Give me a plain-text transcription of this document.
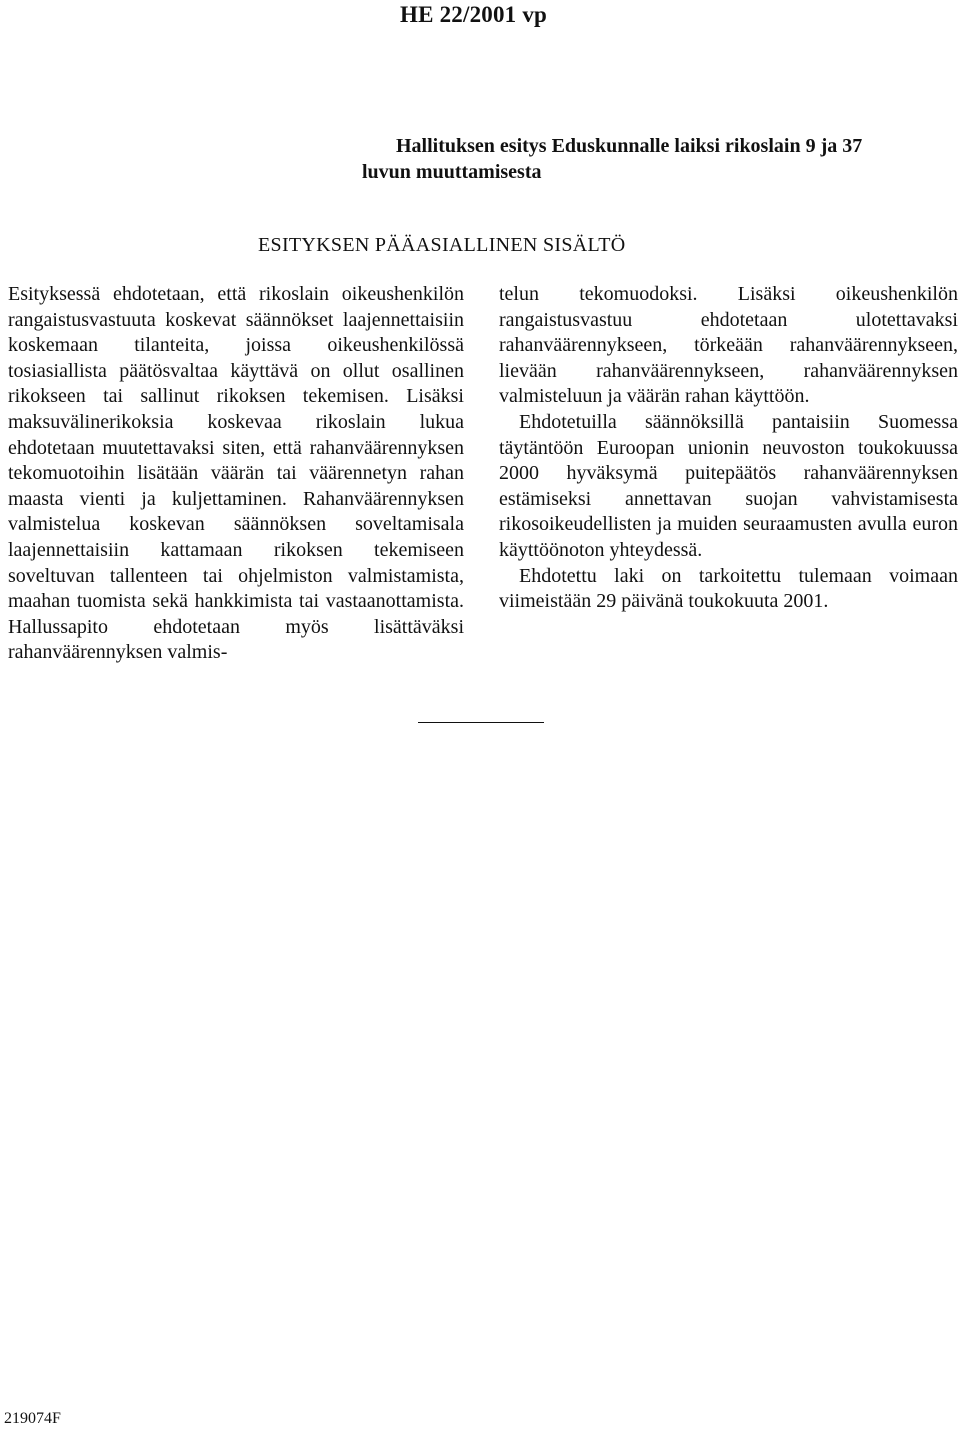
HE 22/2001 vp
Hallituksen esitys Eduskunnalle laiksi rikoslain 9 ja 37
luvun muuttamisesta
ESITYKSEN PÄÄASIALLINEN SISÄLTÖ

Esityksessä ehdotetaan, että rikoslain oikeushenkilön rangaistusvastuuta koskevat säännökset laajennettaisiin koskemaan tilanteita, joissa oikeushenkilössä tosiasiallista päätösvaltaa käyttävä on ollut osallinen rikokseen tai sallinut rikoksen tekemisen. Lisäksi maksuvälinerikoksia koskevaa rikoslain lukua ehdotetaan muutettavaksi siten, että rahanväärennyksen tekomuotoihin lisätään väärän tai väärennetyn rahan maasta vienti ja kuljettaminen. Rahanväärennyksen valmistelua koskevan säännöksen soveltamisala laajennettaisiin kattamaan rikoksen tekemiseen soveltuvan tallenteen tai ohjelmiston valmistamista, maahan tuomista sekä hankkimista tai vastaanottamista. Hallussapito ehdotetaan myös lisättäväksi rahanväärennyksen valmis-

telun tekomuodoksi. Lisäksi oikeushenkilön rangaistusvastuu ehdotetaan ulotettavaksi rahanväärennykseen, törkeään rahanväärennykseen, lievään rahanväärennykseen, rahanväärennyksen valmisteluun ja väärän rahan käyttöön.

Ehdotetuilla säännöksillä pantaisiin Suomessa täytäntöön Euroopan unionin neuvoston toukokuussa 2000 hyväksymä puitepäätös rahanväärennyksen estämiseksi annettavan suojan vahvistamisesta rikosoikeudellisten ja muiden seuraamusten avulla euron käyttöönoton yhteydessä.

Ehdotettu laki on tarkoitettu tulemaan voimaan viimeistään 29 päivänä toukokuuta 2001.

219074F
